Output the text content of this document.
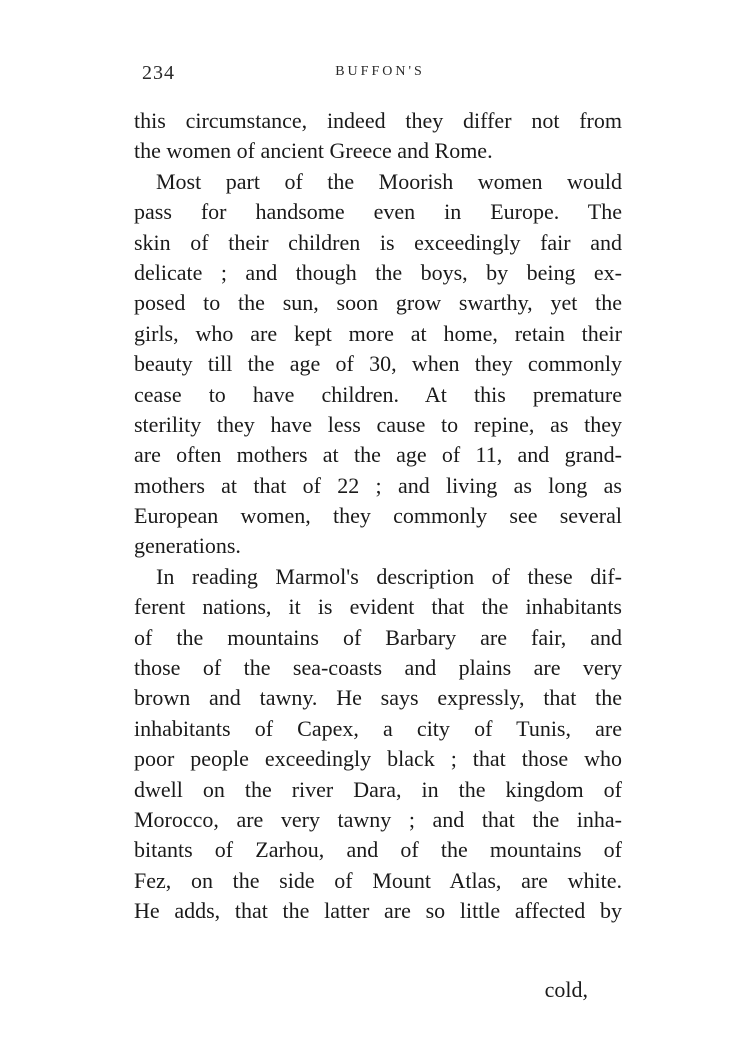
234	BUFFON'S
this circumstance, indeed they differ not from
the women of ancient Greece and Rome.
Most part of the Moorish women would
pass for handsome even in Europe. The
skin of their children is exceedingly fair and
delicate ; and though the boys, by being ex-
posed to the sun, soon grow swarthy, yet the
girls, who are kept more at home, retain their
beauty till the age of 30, when they commonly
cease to have children. At this premature
sterility they have less cause to repine, as they
are often mothers at the age of 11, and grand-
mothers at that of 22 ; and living as long as
European women, they commonly see several
generations.
In reading Marmol's description of these dif-
ferent nations, it is evident that the inhabitants
of the mountains of Barbary are fair, and
those of the sea-coasts and plains are very
brown and tawny. He says expressly, that the
inhabitants of Capex, a city of Tunis, are
poor people exceedingly black ; that those who
dwell on the river Dara, in the kingdom of
Morocco, are very tawny ; and that the inha-
bitants of Zarhou, and of the mountains of
Fez, on the side of Mount Atlas, are white.
He adds, that the latter are so little affected by
cold,
